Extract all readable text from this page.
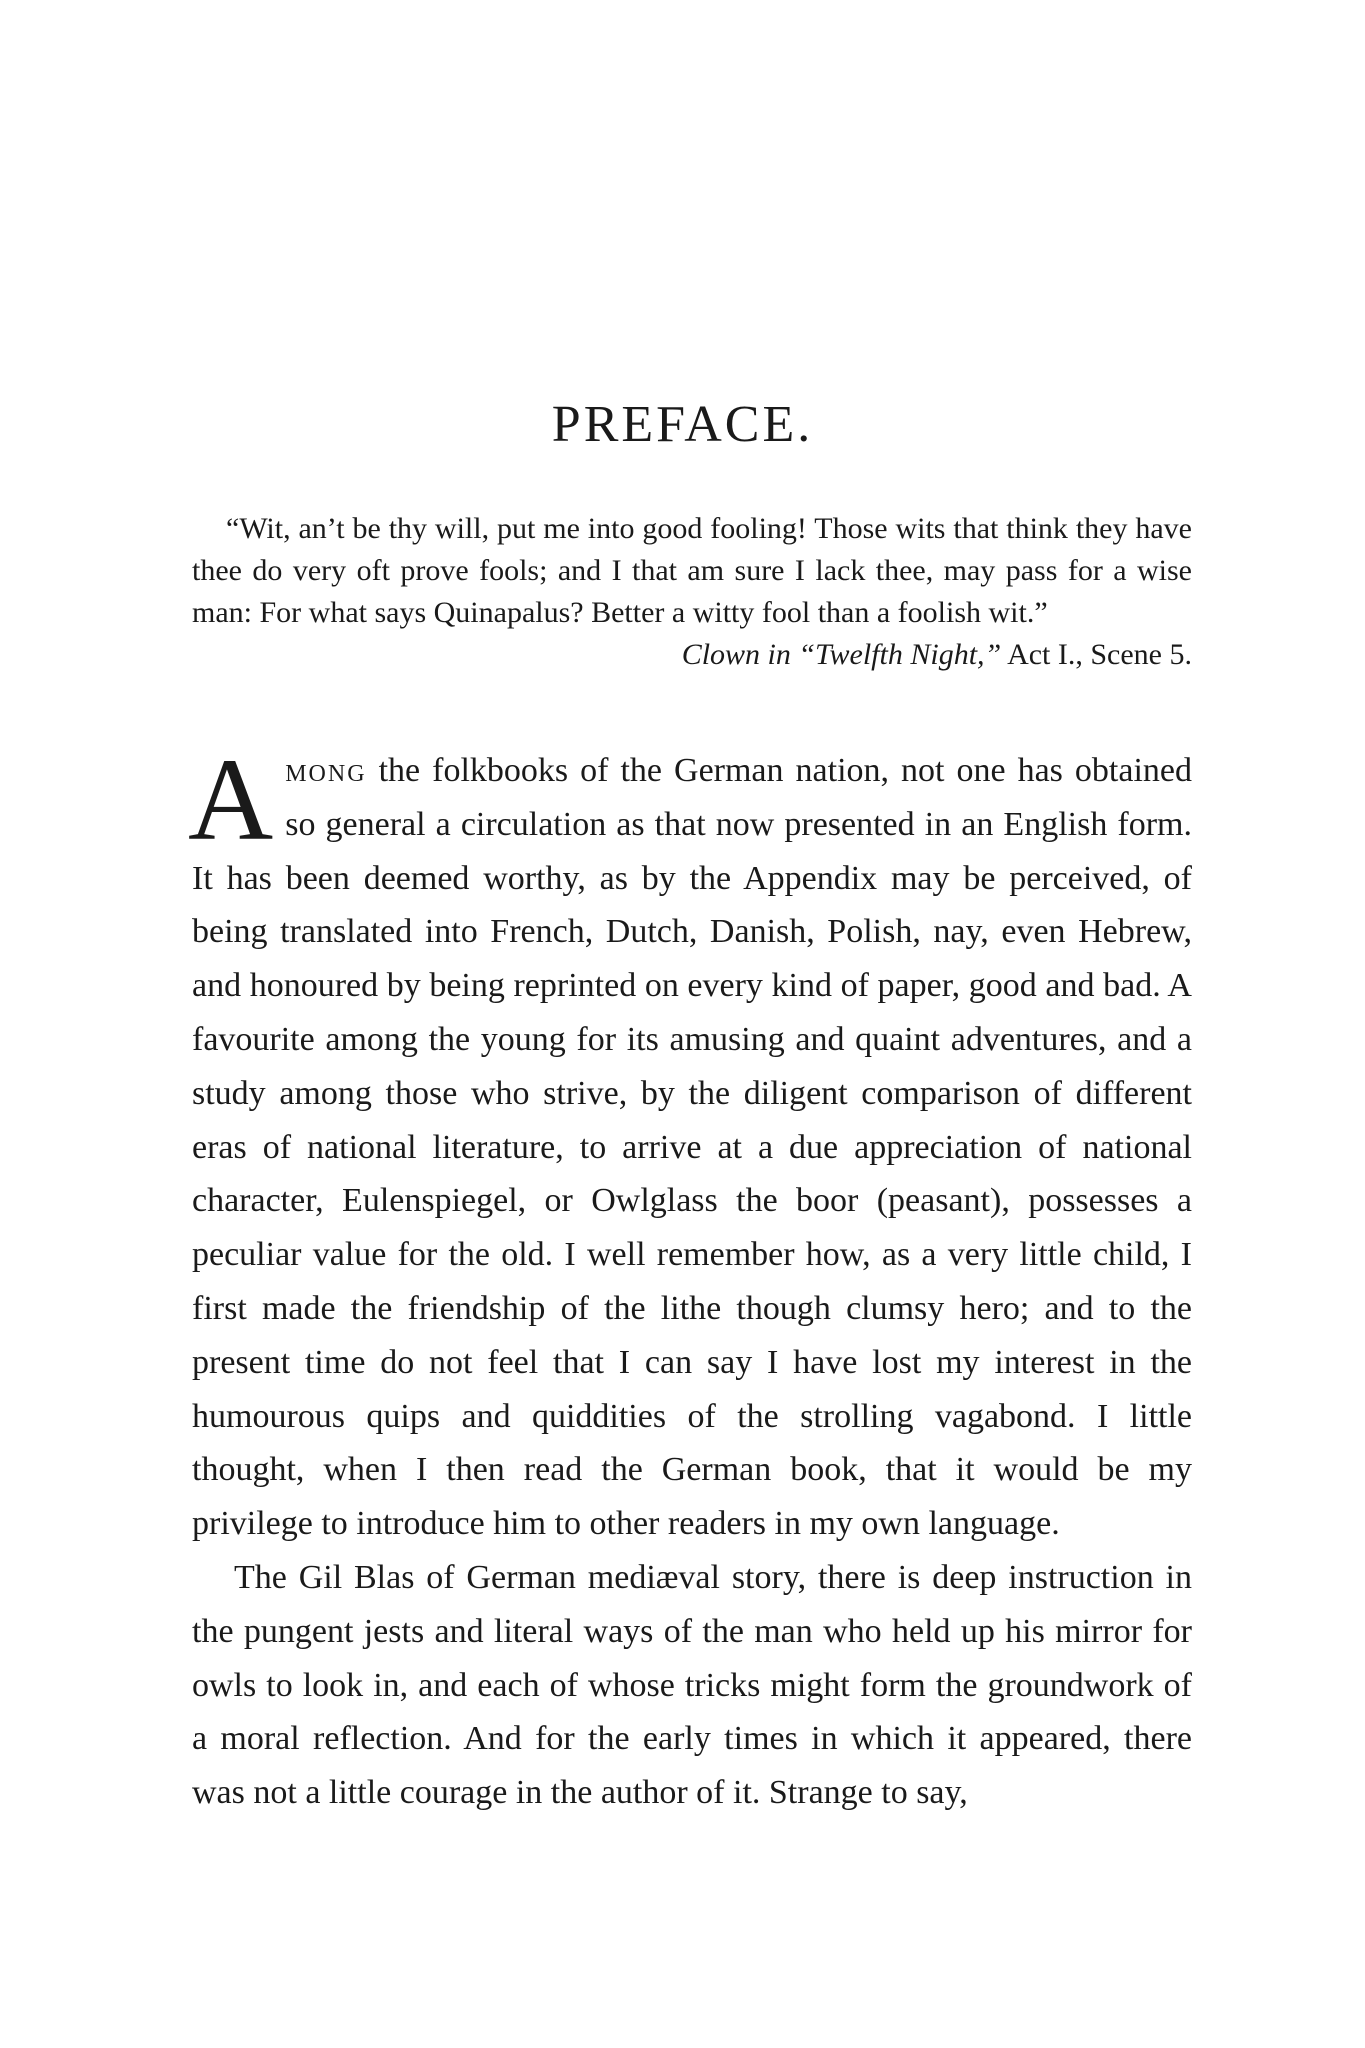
PREFACE.

“Wit, an’t be thy will, put me into good fooling! Those wits that think they have thee do very oft prove fools; and I that am sure I lack thee, may pass for a wise man: For what says Quinapalus? Better a witty fool than a foolish wit.”

Clown in “Twelfth Night,” Act I., Scene 5.

Among the folkbooks of the German nation, not one has obtained so general a circulation as that now presented in an English form. It has been deemed worthy, as by the Appendix may be perceived, of being translated into French, Dutch, Danish, Polish, nay, even Hebrew, and honoured by being reprinted on every kind of paper, good and bad. A favourite among the young for its amusing and quaint adventures, and a study among those who strive, by the diligent comparison of different eras of national literature, to arrive at a due appreciation of national character, Eulenspiegel, or Owlglass the boor (peasant), possesses a peculiar value for the old. I well remember how, as a very little child, I first made the friendship of the lithe though clumsy hero; and to the present time do not feel that I can say I have lost my interest in the humourous quips and quiddities of the strolling vagabond. I little thought, when I then read the German book, that it would be my privilege to introduce him to other readers in my own language.

The Gil Blas of German mediæval story, there is deep instruction in the pungent jests and literal ways of the man who held up his mirror for owls to look in, and each of whose tricks might form the groundwork of a moral reflection. And for the early times in which it appeared, there was not a little courage in the author of it. Strange to say,
